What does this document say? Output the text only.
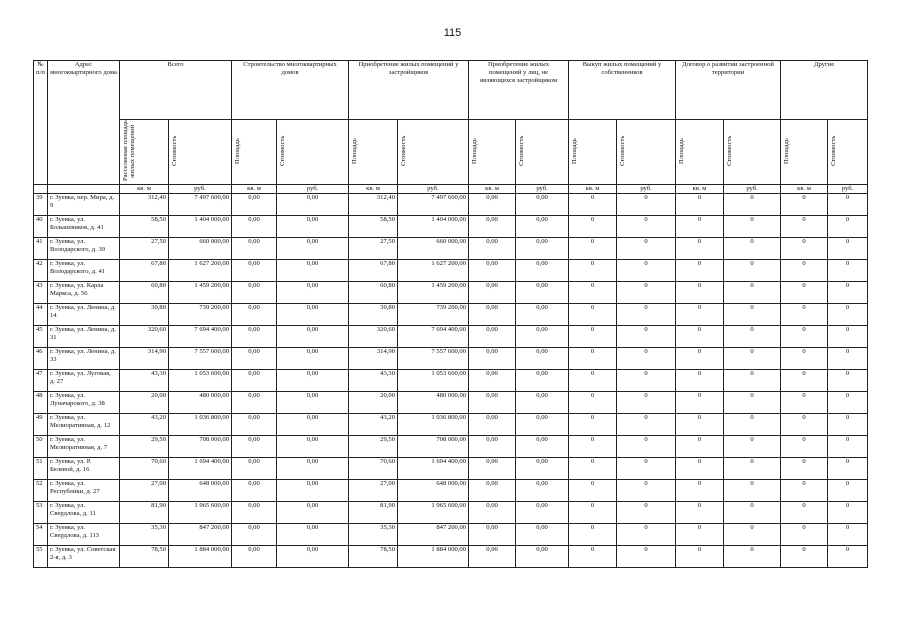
115
№ п/п	Адрес многоквартирного дома	Всего		Строительство многоквартирных домов		Приобретение жилых помещений у застройщиков		Приобретение жилых помещений у лиц, не являющихся застройщиком		Выкуп жилых помещений у собственников		Договор о развитии застроенной территории		Другие	

		Расселяемая площадь жилых помещений	Стоимость	Площадь	Стоимость	Площадь	Стоимость	Площадь	Стоимость	Площадь	Стоимость	Площадь	Стоимость	Площадь	Стоимость

		кв. м	руб.	кв. м	руб.	кв. м	руб.	кв. м	руб.	кв. м	руб.	кв. м	руб.	кв. м	руб.
39	г. Зуевка, пер. Мира, д. 9	312,40	7 497 600,00	0,00	0,00	312,40	7 497 600,00	0,00	0,00	0	0	0	0	0	0
40	г. Зуевка, ул. Большевиков, д. 41	58,50	1 404 000,00	0,00	0,00	58,50	1 404 000,00	0,00	0,00	0	0	0	0	0	0
41	г. Зуевка, ул. Володарского, д. 39	27,50	660 000,00	0,00	0,00	27,50	660 000,00	0,00	0,00	0	0	0	0	0	0
42	г. Зуевка, ул. Володарского, д. 41	67,80	1 627 200,00	0,00	0,00	67,80	1 627 200,00	0,00	0,00	0	0	0	0	0	0
43	г. Зуевка, ул. Карла Маркса, д. 56	60,80	1 459 200,00	0,00	0,00	60,80	1 459 200,00	0,00	0,00	0	0	0	0	0	0
44	г. Зуевка, ул. Ленина, д. 14	30,80	739 200,00	0,00	0,00	30,80	739 200,00	0,00	0,00	0	0	0	0	0	0
45	г. Зуевка, ул. Ленина, д. 31	320,60	7 694 400,00	0,00	0,00	320,60	7 694 400,00	0,00	0,00	0	0	0	0	0	0
46	г. Зуевка, ул. Ленина, д. 33	314,90	7 557 600,00	0,00	0,00	314,90	7 557 600,00	0,00	0,00	0	0	0	0	0	0
47	г. Зуевка, ул. Луговая, д. 27	43,30	1 053 600,00	0,00	0,00	43,30	1 053 600,00	0,00	0,00	0	0	0	0	0	0
48	г. Зуевка, ул. Луначарского, д. 38	20,00	480 000,00	0,00	0,00	20,00	480 000,00	0,00	0,00	0	0	0	0	0	0
49	г. Зуевка, ул. Мелиоративная, д. 12	43,20	1 036 800,00	0,00	0,00	43,20	1 036 800,00	0,00	0,00	0	0	0	0	0	0
50	г. Зуевка, ул. Мелиоративная, д. 7	29,50	708 000,00	0,00	0,00	29,50	708 000,00	0,00	0,00	0	0	0	0	0	0
51	г. Зуевка, ул. Р. Белевой, д. 16	70,60	1 694 400,00	0,00	0,00	70,60	1 694 400,00	0,00	0,00	0	0	0	0	0	0
52	г. Зуевка, ул. Республики, д. 27	27,00	648 000,00	0,00	0,00	27,00	648 000,00	0,00	0,00	0	0	0	0	0	0
53	г. Зуевка, ул. Свердлова, д. 11	81,90	1 965 600,00	0,00	0,00	81,90	1 965 600,00	0,00	0,00	0	0	0	0	0	0
54	г. Зуевка, ул. Свердлова, д. 113	35,30	847 200,00	0,00	0,00	35,30	847 200,00	0,00	0,00	0	0	0	0	0	0
55	г. Зуевка, ул. Советская 2-я, д. 3	78,50	1 884 000,00	0,00	0,00	78,50	1 884 000,00	0,00	0,00	0	0	0	0	0	0
